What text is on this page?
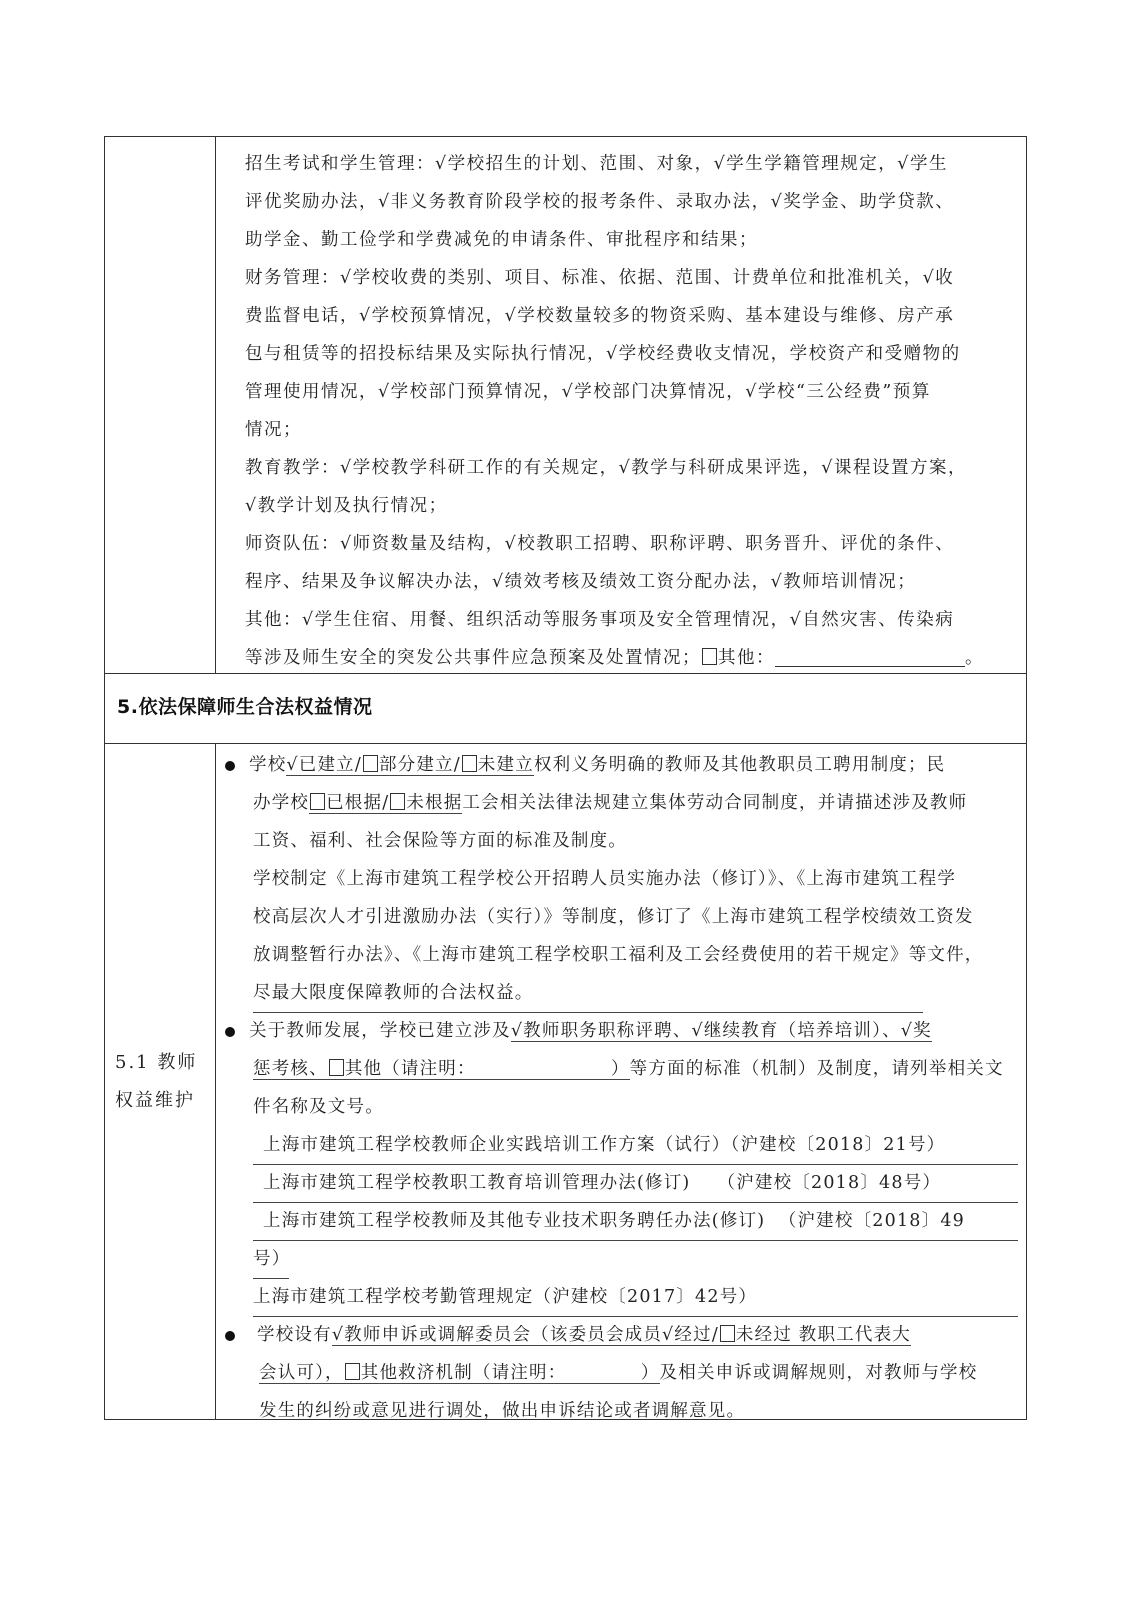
招生考试和学生管理：√学校招生的计划、范围、对象，√学生学籍管理规定，√学生
评优奖励办法，√非义务教育阶段学校的报考条件、录取办法，√奖学金、助学贷款、
助学金、勤工俭学和学费减免的申请条件、审批程序和结果；
财务管理：√学校收费的类别、项目、标准、依据、范围、计费单位和批准机关，√收
费监督电话，√学校预算情况，√学校数量较多的物资采购、基本建设与维修、房产承
包与租赁等的招投标结果及实际执行情况，√学校经费收支情况，学校资产和受赠物的
管理使用情况，√学校部门预算情况，√学校部门决算情况，√学校“三公经费”预算
情况；
教育教学：√学校教学科研工作的有关规定，√教学与科研成果评选，√课程设置方案，
√教学计划及执行情况；
师资队伍：√师资数量及结构，√校教职工招聘、职称评聘、职务晋升、评优的条件、
程序、结果及争议解决办法，√绩效考核及绩效工资分配办法，√教师培训情况；
其他：√学生住宿、用餐、组织活动等服务事项及安全管理情况，√自然灾害、传染病
等涉及师生安全的突发公共事件应急预案及处置情况； 其他：	。
5.依法保障师生合法权益情况
5.1 教师
权益维护
学校√已建立/ 部分建立/ 未建立权利义务明确的教师及其他教职员工聘用制度；民
办学校 已根据/ 未根据工会相关法律法规建立集体劳动合同制度，并请描述涉及教师
工资、福利、社会保险等方面的标准及制度。
学校制定《上海市建筑工程学校公开招聘人员实施办法（修订）》、《上海市建筑工程学
校高层次人才引进激励办法（实行）》等制度，修订了《上海市建筑工程学校绩效工资发
放调整暂行办法》、《上海市建筑工程学校职工福利及工会经费使用的若干规定》等文件，
尽最大限度保障教师的合法权益。
关于教师发展，学校已建立涉及√教师职务职称评聘、√继续教育（培养培训）、√奖
惩考核、 其他（请注明：                    ）等方面的标准（机制）及制度，请列举相关文
件名称及文号。
上海市建筑工程学校教师企业实践培训工作方案（试行）（沪建校〔2018〕21号）
上海市建筑工程学校教职工教育培训管理办法(修订)    （沪建校〔2018〕48号）
上海市建筑工程学校教师及其他专业技术职务聘任办法(修订)  （沪建校〔2018〕49
号）
上海市建筑工程学校考勤管理规定（沪建校〔2017〕42号）
学校设有√教师申诉或调解委员会（该委员会成员√经过/ 未经过 教职工代表大
会认可）， 其他救济机制（请注明：           ）及相关申诉或调解规则，对教师与学校
发生的纠纷或意见进行调处，做出申诉结论或者调解意见。
